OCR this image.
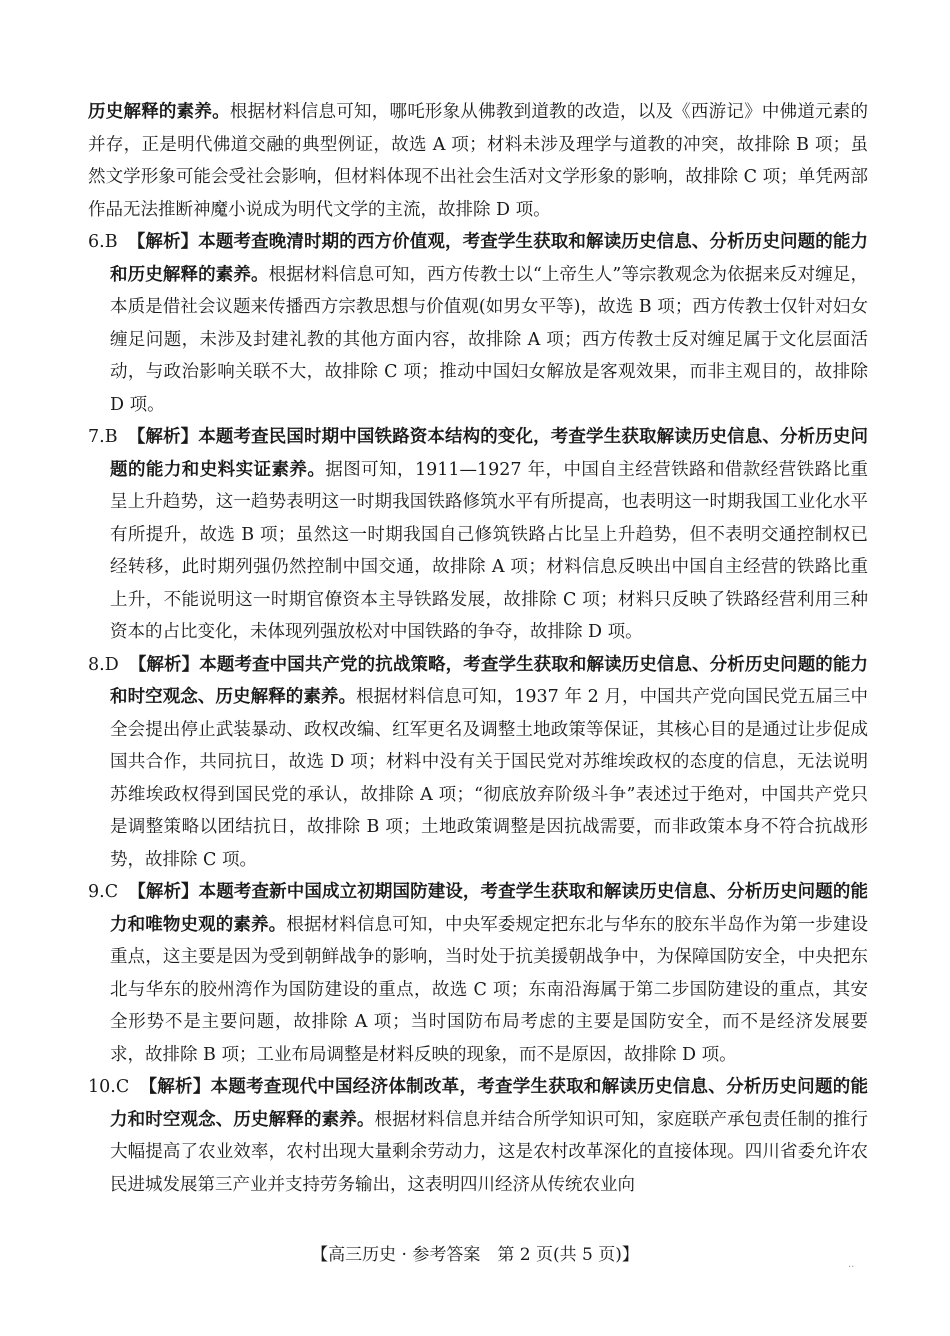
历史解释的素养。根据材料信息可知，哪吒形象从佛教到道教的改造，以及《西游记》中佛道元素的并存，正是明代佛道交融的典型例证，故选 A 项；材料未涉及理学与道教的冲突，故排除 B 项；虽然文学形象可能会受社会影响，但材料体现不出社会生活对文学形象的影响，故排除 C 项；单凭两部作品无法推断神魔小说成为明代文学的主流，故排除 D 项。

6.B 【解析】本题考查晚清时期的西方价值观，考查学生获取和解读历史信息、分析历史问题的能力和历史解释的素养。根据材料信息可知，西方传教士以“上帝生人”等宗教观念为依据来反对缠足，本质是借社会议题来传播西方宗教思想与价值观(如男女平等)，故选 B 项；西方传教士仅针对妇女缠足问题，未涉及封建礼教的其他方面内容，故排除 A 项；西方传教士反对缠足属于文化层面活动，与政治影响关联不大，故排除 C 项；推动中国妇女解放是客观效果，而非主观目的，故排除 D 项。

7.B 【解析】本题考查民国时期中国铁路资本结构的变化，考查学生获取解读历史信息、分析历史问题的能力和史料实证素养。据图可知，1911—1927 年，中国自主经营铁路和借款经营铁路比重呈上升趋势，这一趋势表明这一时期我国铁路修筑水平有所提高，也表明这一时期我国工业化水平有所提升，故选 B 项；虽然这一时期我国自己修筑铁路占比呈上升趋势，但不表明交通控制权已经转移，此时期列强仍然控制中国交通，故排除 A 项；材料信息反映出中国自主经营的铁路比重上升，不能说明这一时期官僚资本主导铁路发展，故排除 C 项；材料只反映了铁路经营利用三种资本的占比变化，未体现列强放松对中国铁路的争夺，故排除 D 项。

8.D 【解析】本题考查中国共产党的抗战策略，考查学生获取和解读历史信息、分析历史问题的能力和时空观念、历史解释的素养。根据材料信息可知，1937 年 2 月，中国共产党向国民党五届三中全会提出停止武装暴动、政权改编、红军更名及调整土地政策等保证，其核心目的是通过让步促成国共合作，共同抗日，故选 D 项；材料中没有关于国民党对苏维埃政权的态度的信息，无法说明苏维埃政权得到国民党的承认，故排除 A 项；“彻底放弃阶级斗争”表述过于绝对，中国共产党只是调整策略以团结抗日，故排除 B 项；土地政策调整是因抗战需要，而非政策本身不符合抗战形势，故排除 C 项。

9.C 【解析】本题考查新中国成立初期国防建设，考查学生获取和解读历史信息、分析历史问题的能力和唯物史观的素养。根据材料信息可知，中央军委规定把东北与华东的胶东半岛作为第一步建设重点，这主要是因为受到朝鲜战争的影响，当时处于抗美援朝战争中，为保障国防安全，中央把东北与华东的胶州湾作为国防建设的重点，故选 C 项；东南沿海属于第二步国防建设的重点，其安全形势不是主要问题，故排除 A 项；当时国防布局考虑的主要是国防安全，而不是经济发展要求，故排除 B 项；工业布局调整是材料反映的现象，而不是原因，故排除 D 项。

10.C 【解析】本题考查现代中国经济体制改革，考查学生获取和解读历史信息、分析历史问题的能力和时空观念、历史解释的素养。根据材料信息并结合所学知识可知，家庭联产承包责任制的推行大幅提高了农业效率，农村出现大量剩余劳动力，这是农村改革深化的直接体现。四川省委允许农民进城发展第三产业并支持劳务输出，这表明四川经济从传统农业向

【高三历史 · 参考答案　第 2 页(共 5 页)】
··
